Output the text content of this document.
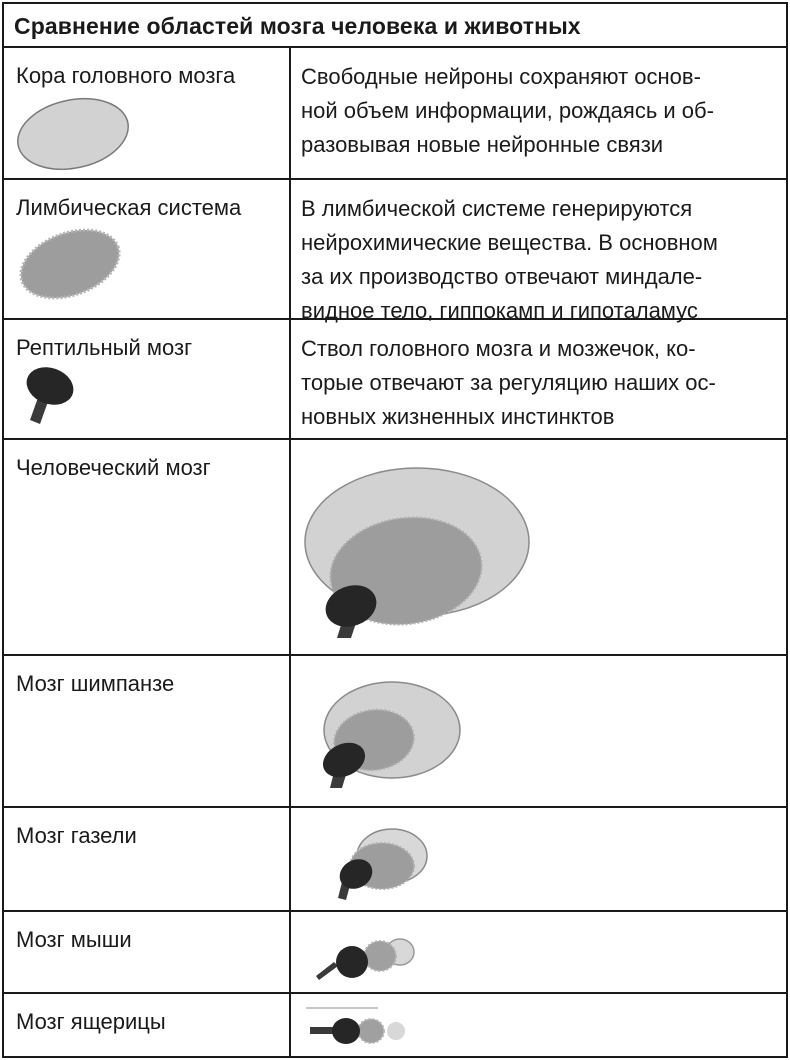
Сравнение областей мозга человека и животных
Кора головного мозга	Свободные нейроны сохраняют основ-
ной объем информации, рождаясь и об-
разовывая новые нейронные связи
Лимбическая система	В лимбической системе генерируются
нейрохимические вещества. В основном
за их производство отвечают миндале-
видное тело, гиппокамп и гипоталамус
Рептильный мозг	Ствол головного мозга и мозжечок, ко-
торые отвечают за регуляцию наших ос-
новных жизненных инстинктов
Человеческий мозг
Мозг шимпанзе
Мозг газели
Мозг мыши
Мозг ящерицы
